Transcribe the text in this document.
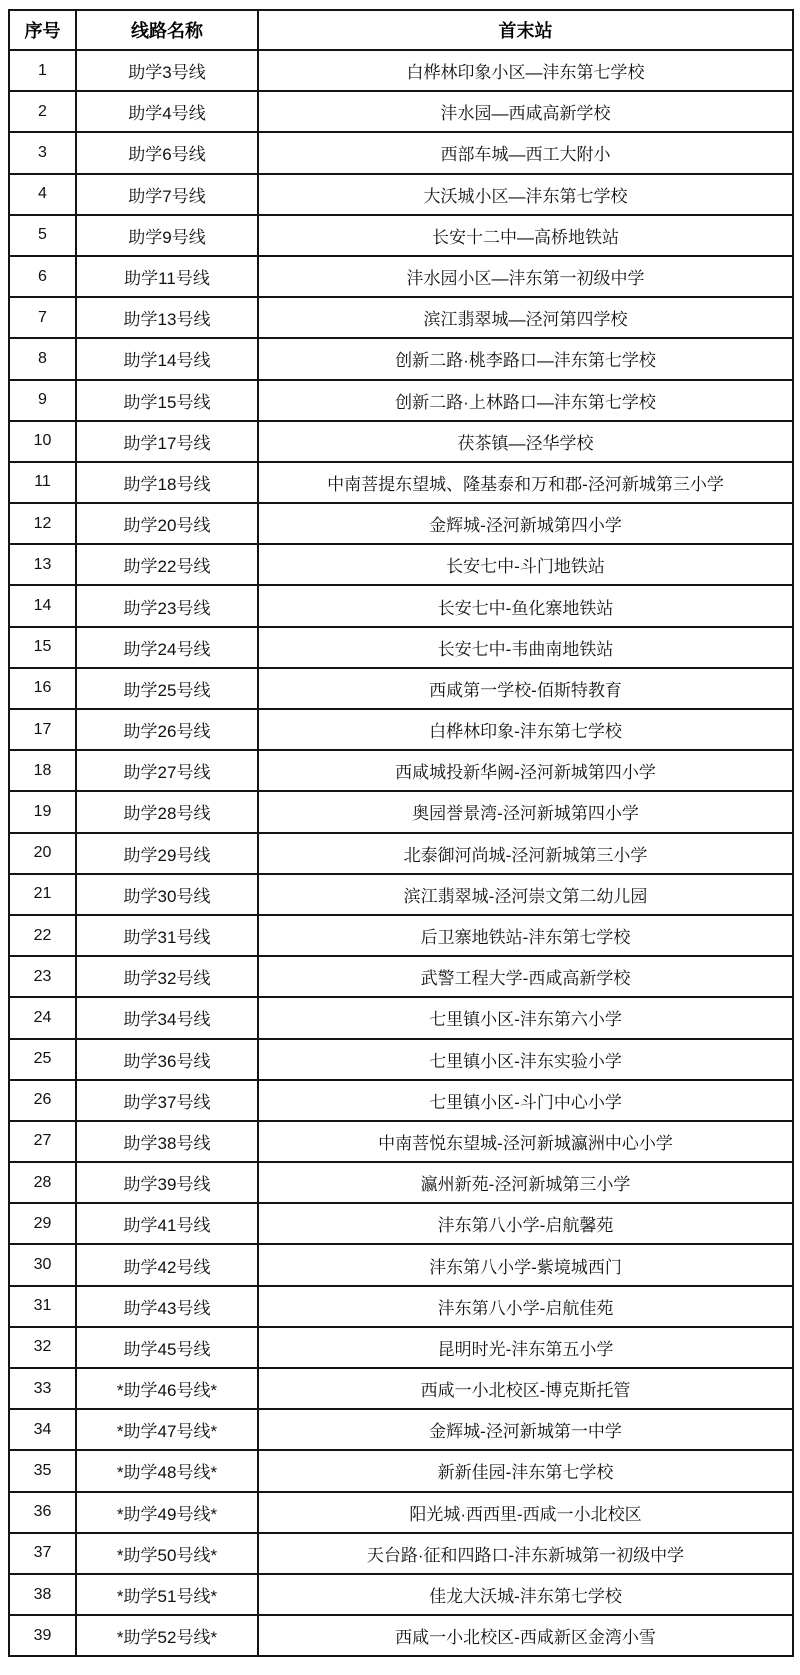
序号	线路名称	首末站
1	助学3号线	白桦林印象小区—沣东第七学校
2	助学4号线	沣水园—西咸高新学校
3	助学6号线	西部车城—西工大附小
4	助学7号线	大沃城小区—沣东第七学校
5	助学9号线	长安十二中—高桥地铁站
6	助学11号线	沣水园小区—沣东第一初级中学
7	助学13号线	滨江翡翠城—泾河第四学校
8	助学14号线	创新二路·桃李路口—沣东第七学校
9	助学15号线	创新二路·上林路口—沣东第七学校
10	助学17号线	茯茶镇—泾华学校
11	助学18号线	中南菩提东望城、隆基泰和万和郡-泾河新城第三小学
12	助学20号线	金辉城-泾河新城第四小学
13	助学22号线	长安七中-斗门地铁站
14	助学23号线	长安七中-鱼化寨地铁站
15	助学24号线	长安七中-韦曲南地铁站
16	助学25号线	西咸第一学校-佰斯特教育
17	助学26号线	白桦林印象-沣东第七学校
18	助学27号线	西咸城投新华阙-泾河新城第四小学
19	助学28号线	奥园誉景湾-泾河新城第四小学
20	助学29号线	北泰御河尚城-泾河新城第三小学
21	助学30号线	滨江翡翠城-泾河崇文第二幼儿园
22	助学31号线	后卫寨地铁站-沣东第七学校
23	助学32号线	武警工程大学-西咸高新学校
24	助学34号线	七里镇小区-沣东第六小学
25	助学36号线	七里镇小区-沣东实验小学
26	助学37号线	七里镇小区-斗门中心小学
27	助学38号线	中南菩悦东望城-泾河新城瀛洲中心小学
28	助学39号线	瀛州新苑-泾河新城第三小学
29	助学41号线	沣东第八小学-启航馨苑
30	助学42号线	沣东第八小学-紫境城西门
31	助学43号线	沣东第八小学-启航佳苑
32	助学45号线	昆明时光-沣东第五小学
33	*助学46号线*	西咸一小北校区-博克斯托管
34	*助学47号线*	金辉城-泾河新城第一中学
35	*助学48号线*	新新佳园-沣东第七学校
36	*助学49号线*	阳光城·西西里-西咸一小北校区
37	*助学50号线*	天台路·征和四路口-沣东新城第一初级中学
38	*助学51号线*	佳龙大沃城-沣东第七学校
39	*助学52号线*	西咸一小北校区-西咸新区金湾小雪
